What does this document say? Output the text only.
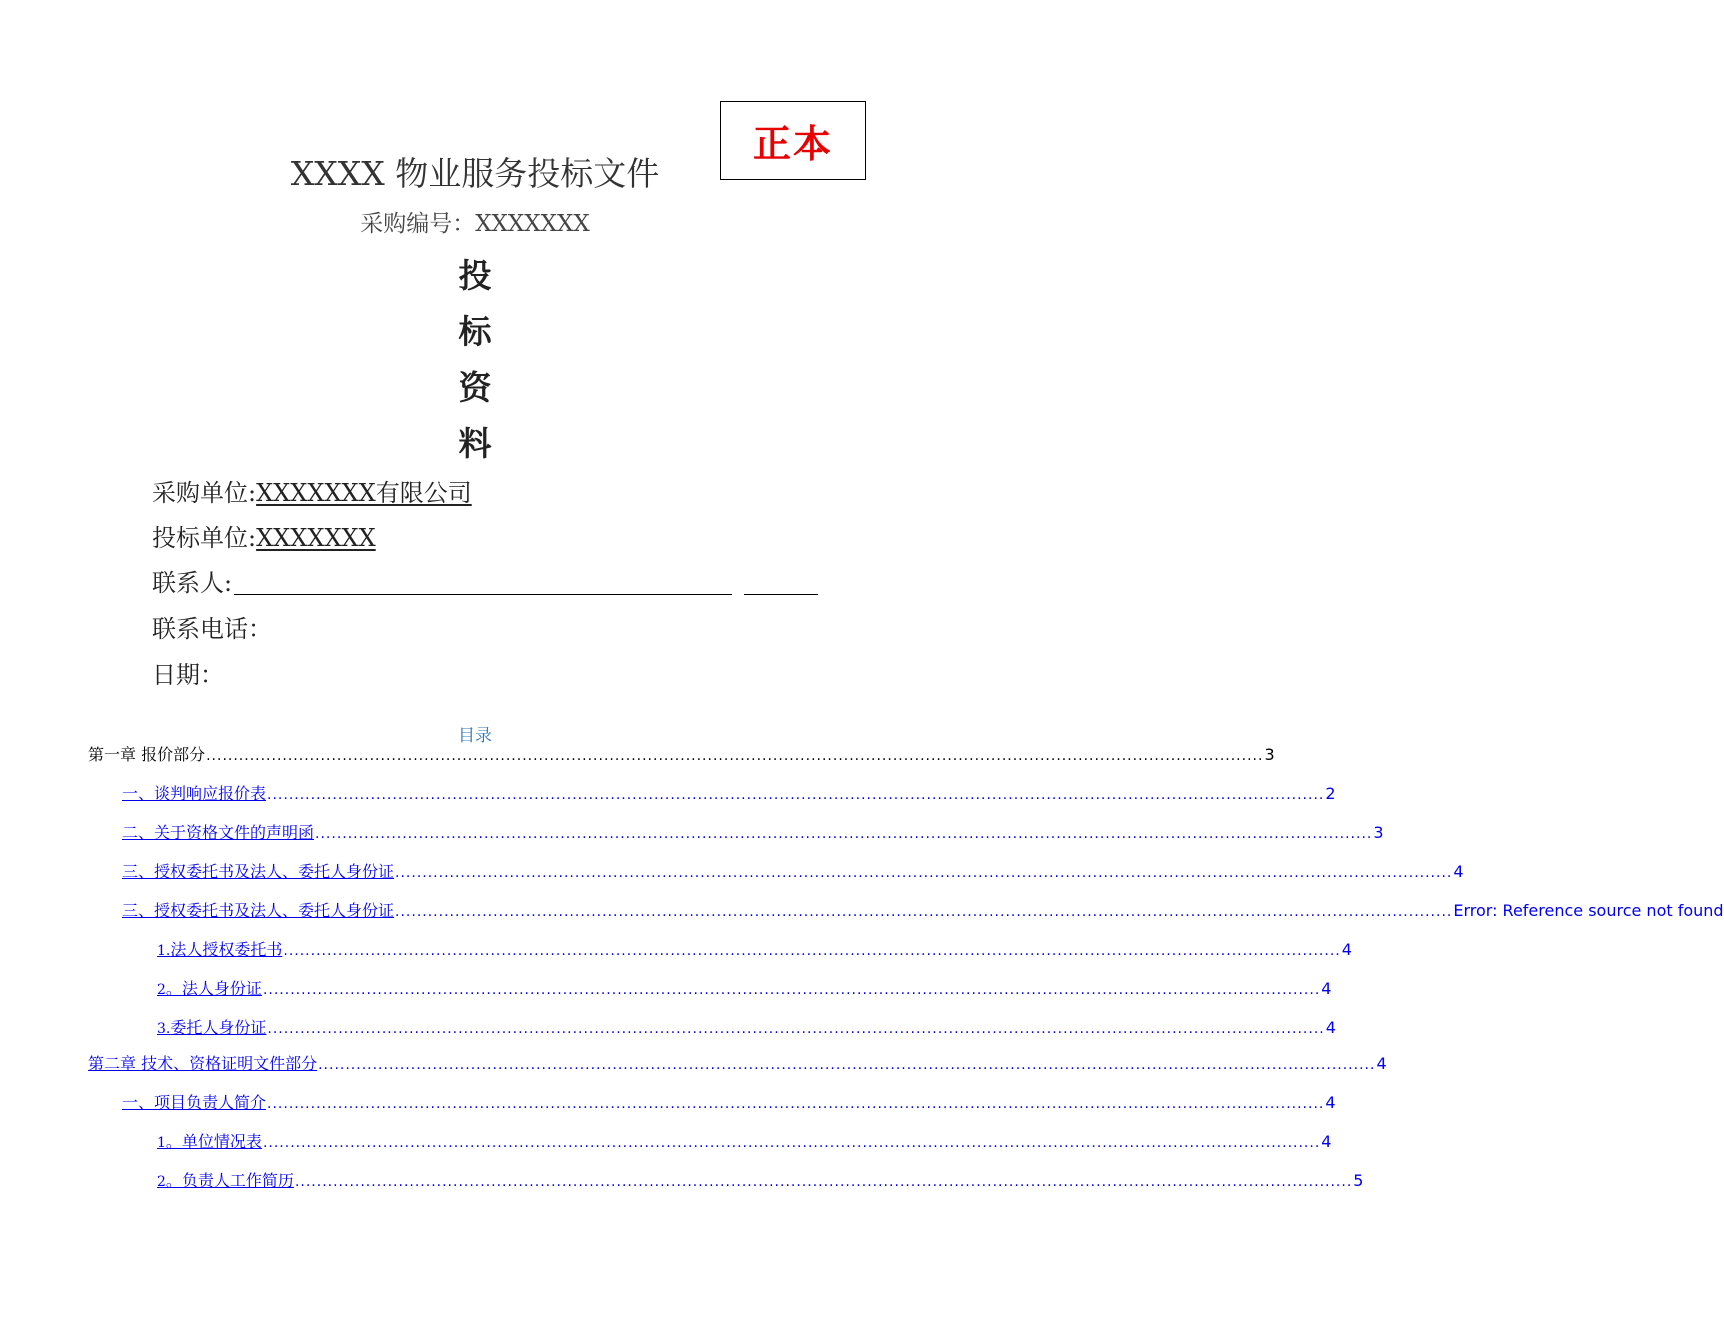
正本
XXXX 物业服务投标文件
采购编号：XXXXXXX
投
标
资
料
采购单位:XXXXXXX有限公司
投标单位:XXXXXXX
联系人:
联系电话：
日期：
目录
第一章 报价部分 .................................................................................................................................................................................................. 3
一、谈判响应报价表 .................................................................................................................................................................................................. 2
二、关于资格文件的声明函 .................................................................................................................................................................................................. 3
三、授权委托书及法人、委托人身份证 .................................................................................................................................................................................................. 4
三、授权委托书及法人、委托人身份证 .................................................................................................................................................................................................. Error: Reference source not found
1.法人授权委托书 .................................................................................................................................................................................................. 4
2。法人身份证 .................................................................................................................................................................................................. 4
3.委托人身份证 .................................................................................................................................................................................................. 4
第二章 技术、资格证明文件部分 .................................................................................................................................................................................................. 4
一、项目负责人简介 .................................................................................................................................................................................................. 4
1。单位情况表 .................................................................................................................................................................................................. 4
2。负责人工作简历 .................................................................................................................................................................................................. 5
